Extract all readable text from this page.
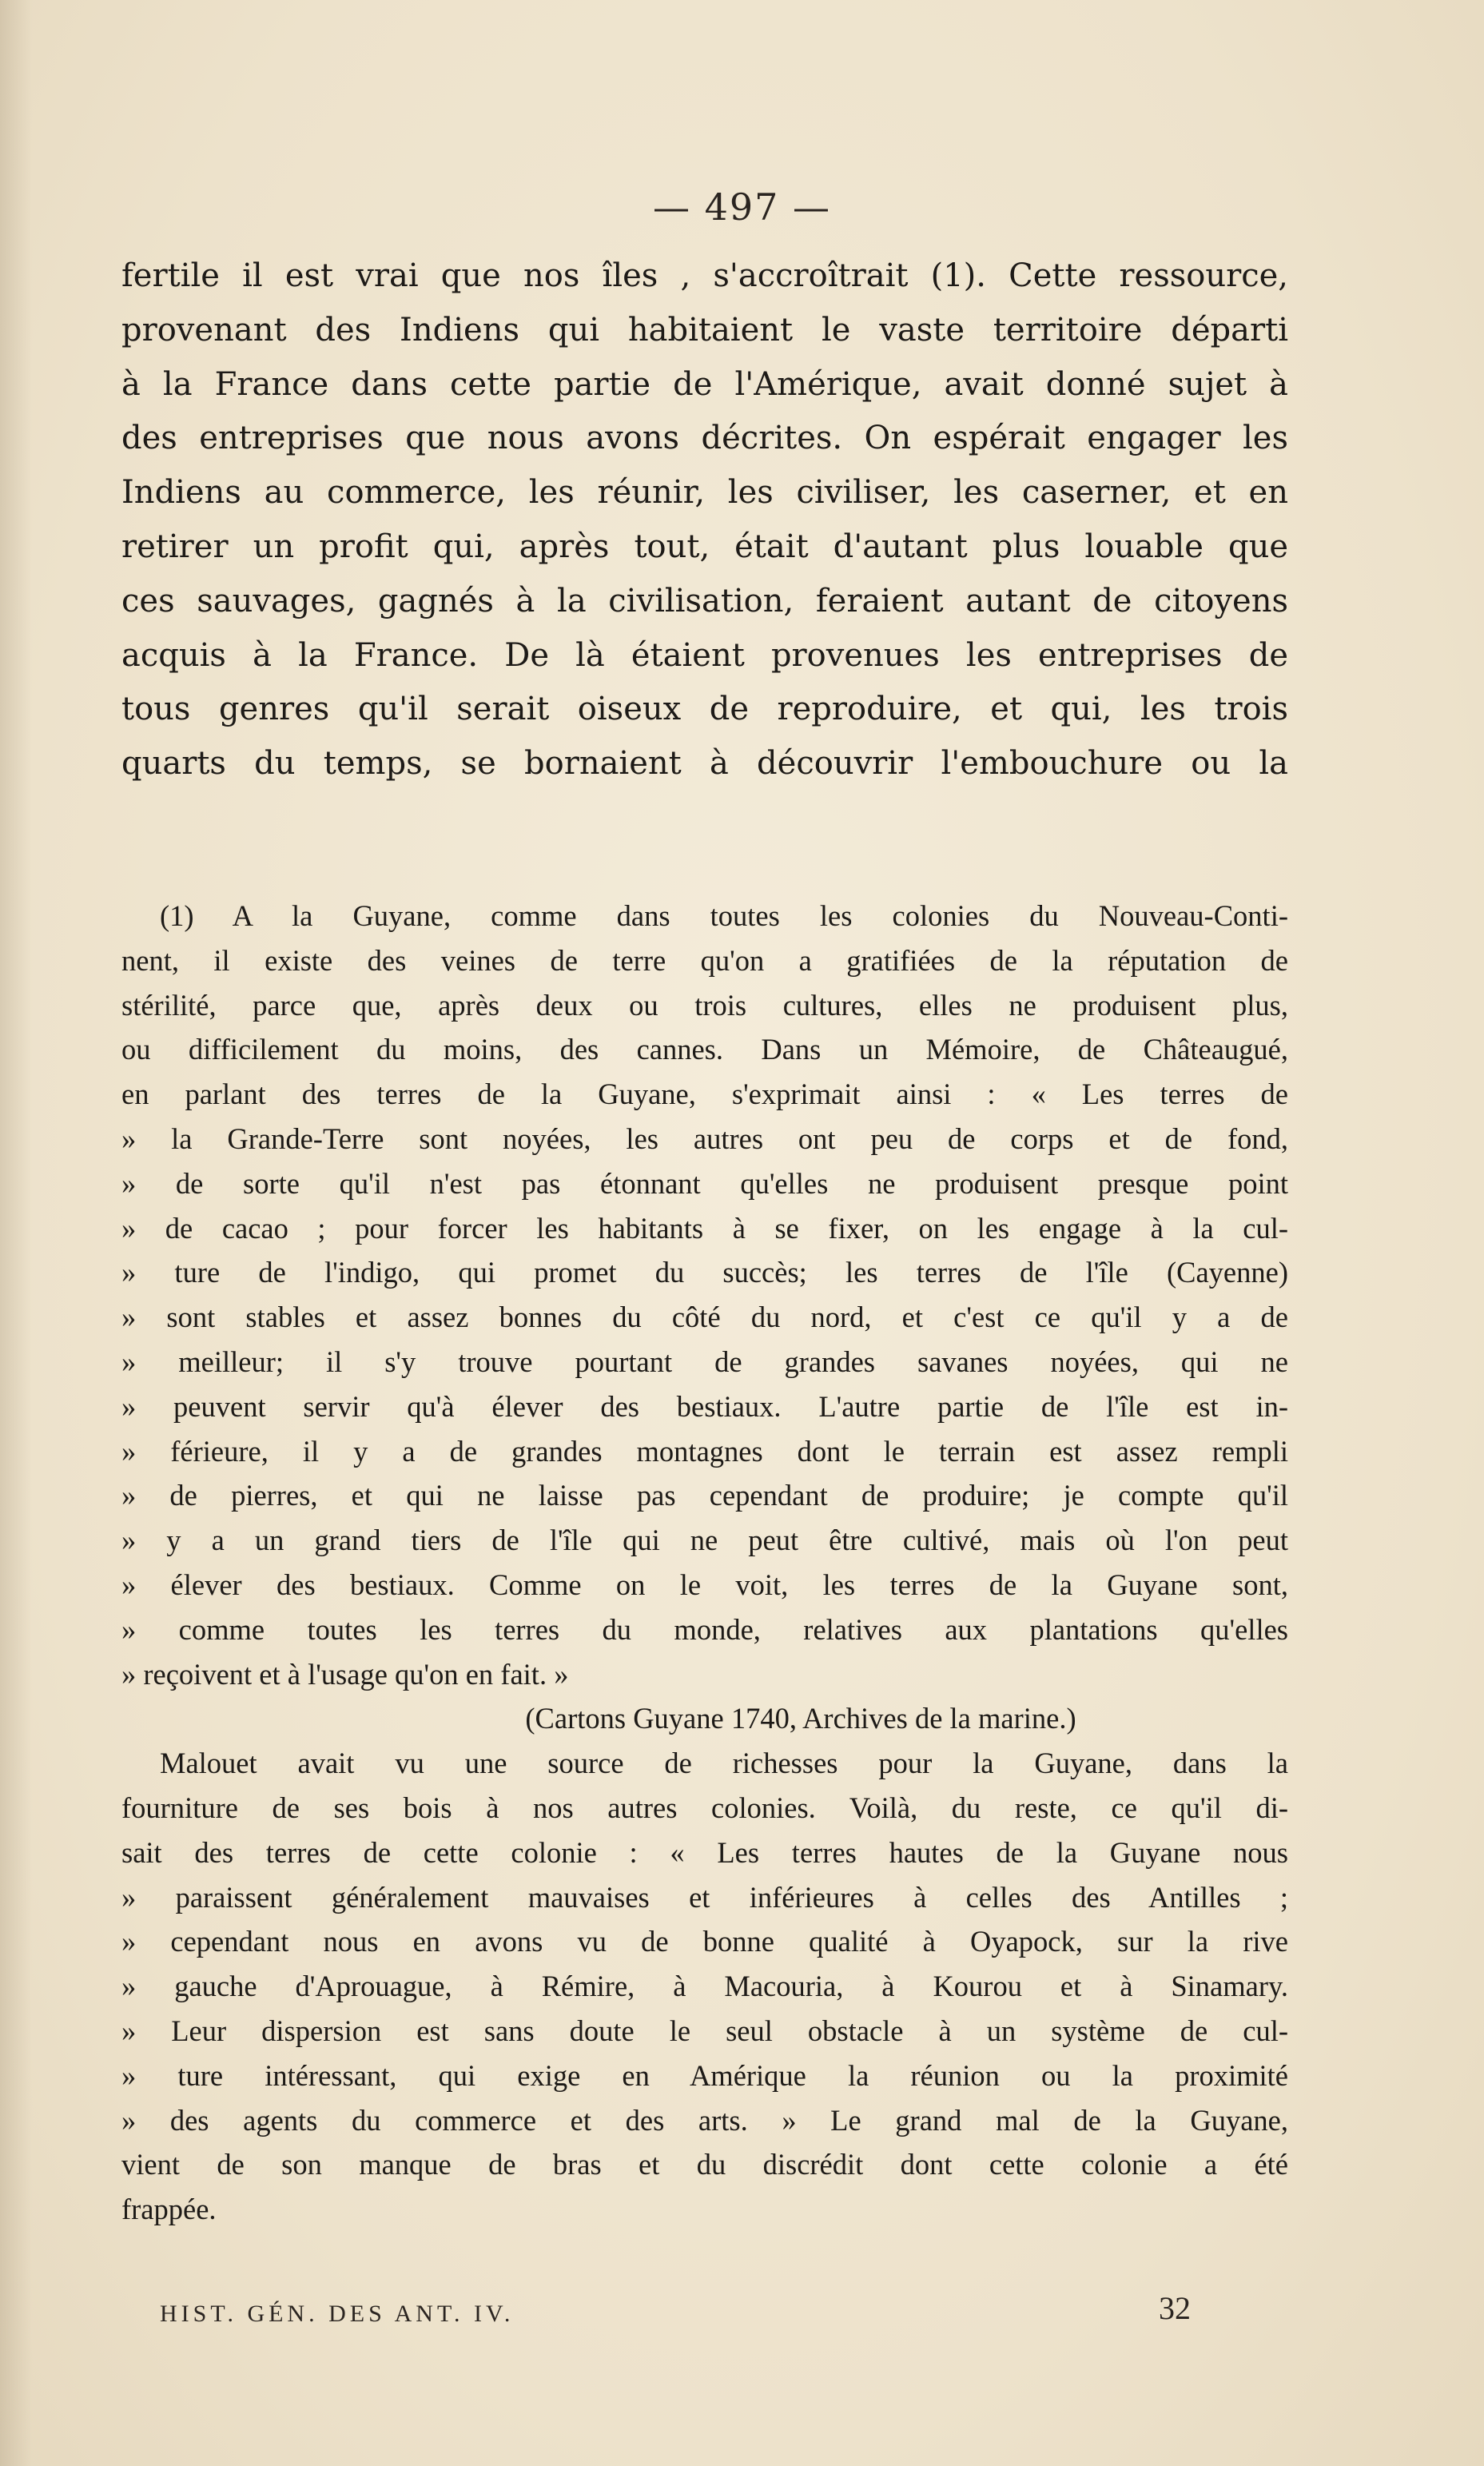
— 497 —

fertile il est vrai que nos îles , s'accroîtrait (1). Cette ressource,

provenant des Indiens qui habitaient le vaste territoire départi

à la France dans cette partie de l'Amérique, avait donné sujet à

des entreprises que nous avons décrites. On espérait engager les

Indiens au commerce, les réunir, les civiliser, les caserner, et en

retirer un profit qui, après tout, était d'autant plus louable que

ces sauvages, gagnés à la civilisation, feraient autant de citoyens

acquis à la France. De là étaient provenues les entreprises de

tous genres qu'il serait oiseux de reproduire, et qui, les trois

quarts du temps, se bornaient à découvrir l'embouchure ou la

(1) A la Guyane, comme dans toutes les colonies du Nouveau-Conti-
nent, il existe des veines de terre qu'on a gratifiées de la réputation de
stérilité, parce que, après deux ou trois cultures, elles ne produisent plus,
ou difficilement du moins, des cannes. Dans un Mémoire, de Châteaugué,
en parlant des terres de la Guyane, s'exprimait ainsi : « Les terres de
» la Grande-Terre sont noyées, les autres ont peu de corps et de fond,
» de sorte qu'il n'est pas étonnant qu'elles ne produisent presque point
» de cacao ; pour forcer les habitants à se fixer, on les engage à la cul-
» ture de l'indigo, qui promet du succès; les terres de l'île (Cayenne)
» sont stables et assez bonnes du côté du nord, et c'est ce qu'il y a de
» meilleur; il s'y trouve pourtant de grandes savanes noyées, qui ne
» peuvent servir qu'à élever des bestiaux. L'autre partie de l'île est in-
» férieure, il y a de grandes montagnes dont le terrain est assez rempli
» de pierres, et qui ne laisse pas cependant de produire; je compte qu'il
» y a un grand tiers de l'île qui ne peut être cultivé, mais où l'on peut
» élever des bestiaux. Comme on le voit, les terres de la Guyane sont,
» comme toutes les terres du monde, relatives aux plantations qu'elles
» reçoivent et à l'usage qu'on en fait. »
(Cartons Guyane 1740, Archives de la marine.)
Malouet avait vu une source de richesses pour la Guyane, dans la
fourniture de ses bois à nos autres colonies. Voilà, du reste, ce qu'il di-
sait des terres de cette colonie : « Les terres hautes de la Guyane nous
» paraissent généralement mauvaises et inférieures à celles des Antilles ;
» cependant nous en avons vu de bonne qualité à Oyapock, sur la rive
» gauche d'Aprouague, à Rémire, à Macouria, à Kourou et à Sinamary.
» Leur dispersion est sans doute le seul obstacle à un système de cul-
» ture intéressant, qui exige en Amérique la réunion ou la proximité
» des agents du commerce et des arts. » Le grand mal de la Guyane,
vient de son manque de bras et du discrédit dont cette colonie a été
frappée.
HIST. GÉN. DES ANT. IV.	32
